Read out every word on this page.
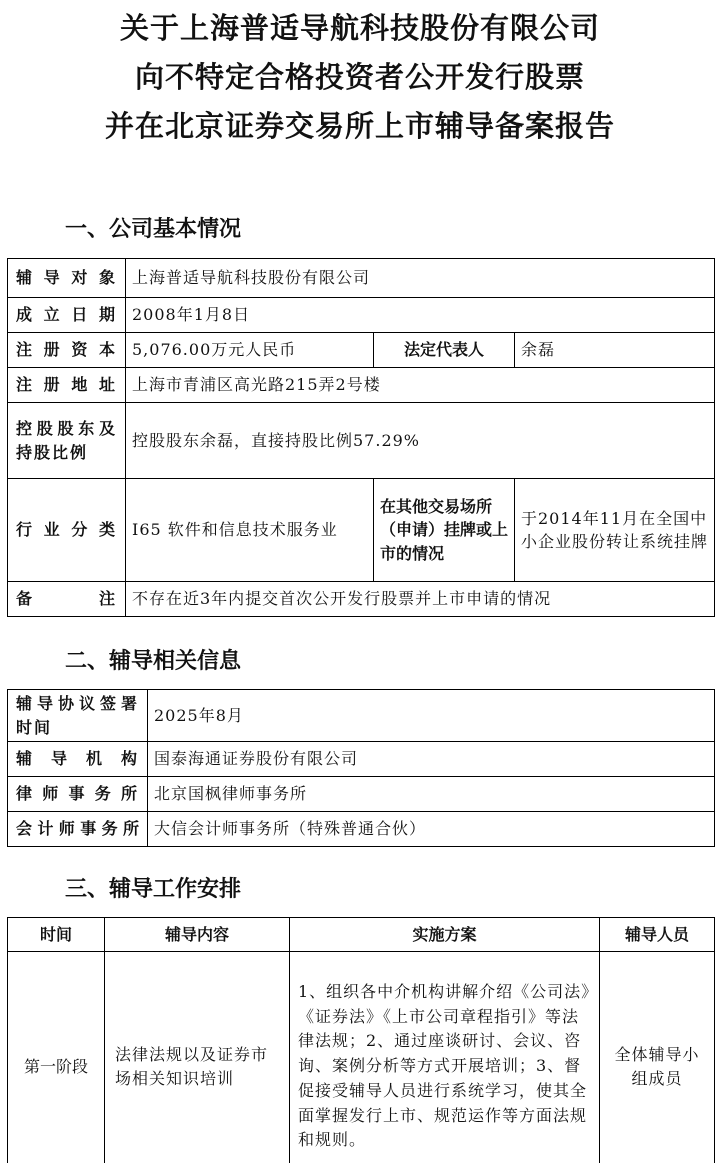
关于上海普适导航科技股份有限公司
向不特定合格投资者公开发行股票
并在北京证券交易所上市辅导备案报告
一、公司基本情况
辅导对象	上海普适导航科技股份有限公司		
成立日期	2008年1月8日		
注册资本	5,076.00万元人民币	法定代表人	余磊
注册地址	上海市青浦区高光路215弄2号楼		
控股股东及持股比例	控股股东余磊，直接持股比例57.29%		
行业分类	I65 软件和信息技术服务业	在其他交易场所（申请）挂牌或上市的情况	于2014年11月在全国中小企业股份转让系统挂牌
备 注	不存在近3年内提交首次公开发行股票并上市申请的情况		
二、辅导相关信息
辅导协议签署时间	2025年8月
辅导机构	国泰海通证券股份有限公司
律师事务所	北京国枫律师事务所
会计师事务所	大信会计师事务所（特殊普通合伙）
三、辅导工作安排
时间	辅导内容	实施方案	辅导人员
第一阶段	法律法规以及证券市场相关知识培训	1、组织各中介机构讲解介绍《公司法》《证券法》《上市公司章程指引》等法律法规；2、通过座谈研讨、会议、咨询、案例分析等方式开展培训；3、督促接受辅导人员进行系统学习，使其全面掌握发行上市、规范运作等方面法规和规则。	全体辅导小组成员
